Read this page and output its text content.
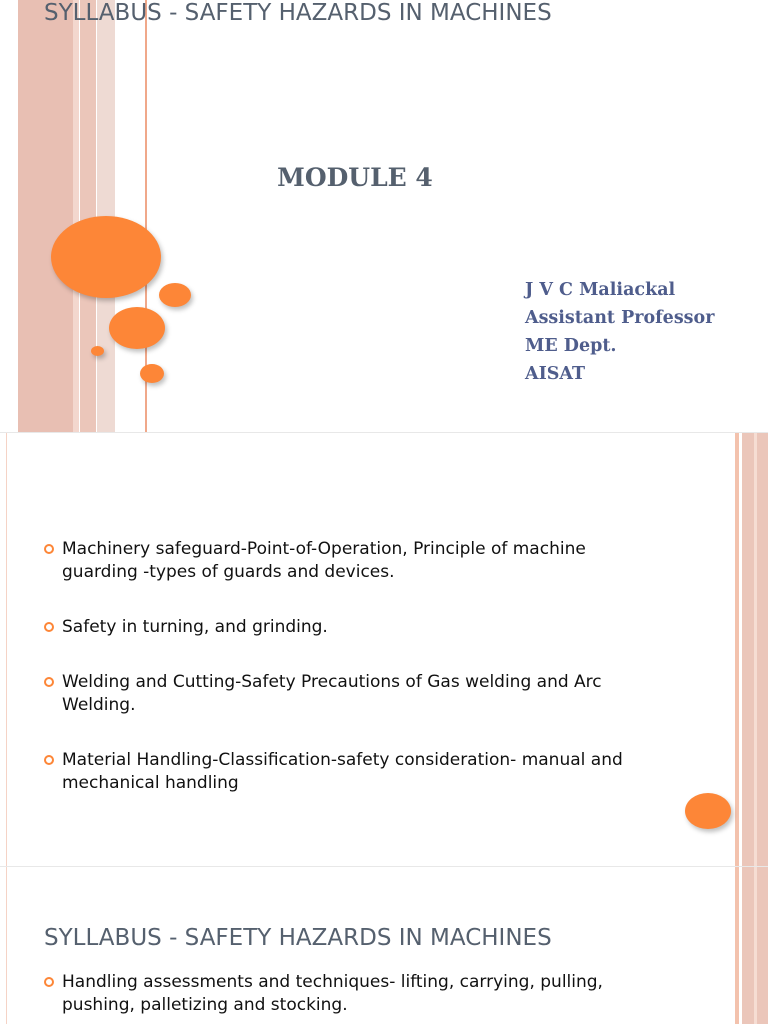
MODULE 4
J V C Maliackal
Assistant Professor
ME Dept.
AISAT
SYLLABUS - SAFETY HAZARDS IN MACHINES
Machinery safeguard-Point-of-Operation, Principle of machine guarding -types of guards and devices.
Safety in turning, and grinding.
Welding and Cutting-Safety Precautions of Gas welding and Arc Welding.
Material Handling-Classification-safety consideration- manual and mechanical handling
SYLLABUS - SAFETY HAZARDS IN MACHINES
Handling assessments and techniques- lifting, carrying, pulling, pushing, palletizing and stocking.
